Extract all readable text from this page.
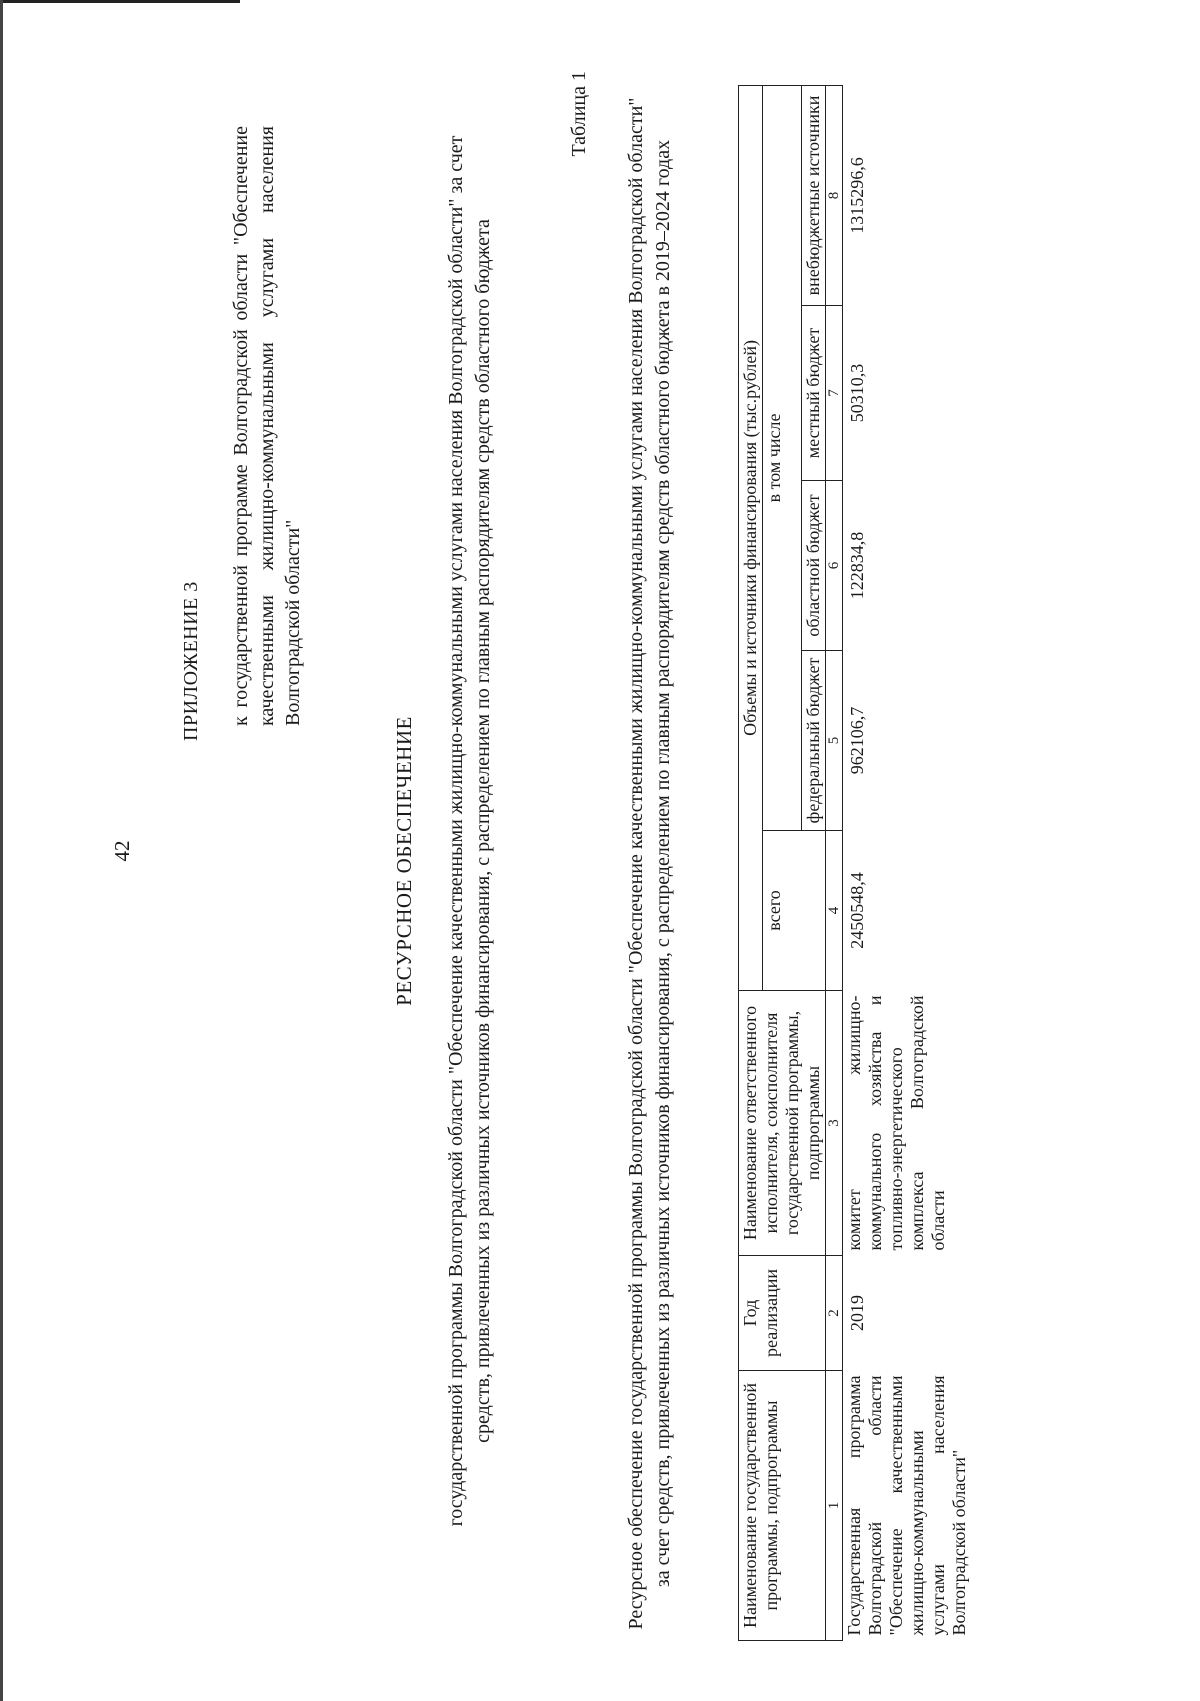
42
ПРИЛОЖЕНИЕ 3 к государственной программе Волгоградской области "Обеспечение качественными жилищно-коммунальными услугами населения Волгоградской области"
РЕСУРСНОЕ ОБЕСПЕЧЕНИЕ государственной программы Волгоградской области "Обеспечение качественными жилищно-коммунальными услугами населения Волгоградской области" за счет средств, привлеченных из различных источников финансирования, с распределением по главным распорядителям средств областного бюджета
Таблица 1 Ресурсное обеспечение государственной программы Волгоградской области "Обеспечение качественными жилищно-коммунальными услугами населения Волгоградской области" за счет средств, привлеченных из различных источников финансирования, с распределением по главным распорядителям средств областного бюджета в 2019–2024 годах	Наименование государственной программы, подпрограммы	Год реализации	Наименование ответственного исполнителя, соисполнителя государственной программы, подпрограммы	Объемы и источники финансирования (тыс.рублей)				
			всего	в том числе			
				федеральный бюджет	областной бюджет	местный бюджет	внебюджетные источники
1	2	3	4	5	6	7	8
Государственная программа Волгоградской области "Обеспечение качественными жилищно-коммунальными услугами населения Волгоградской области"	2019	комитет жилищно-коммунального хозяйства и топливно-энергетического комплекса Волгоградской области	2450548,4	962106,7	122834,8	50310,3	1315296,6
